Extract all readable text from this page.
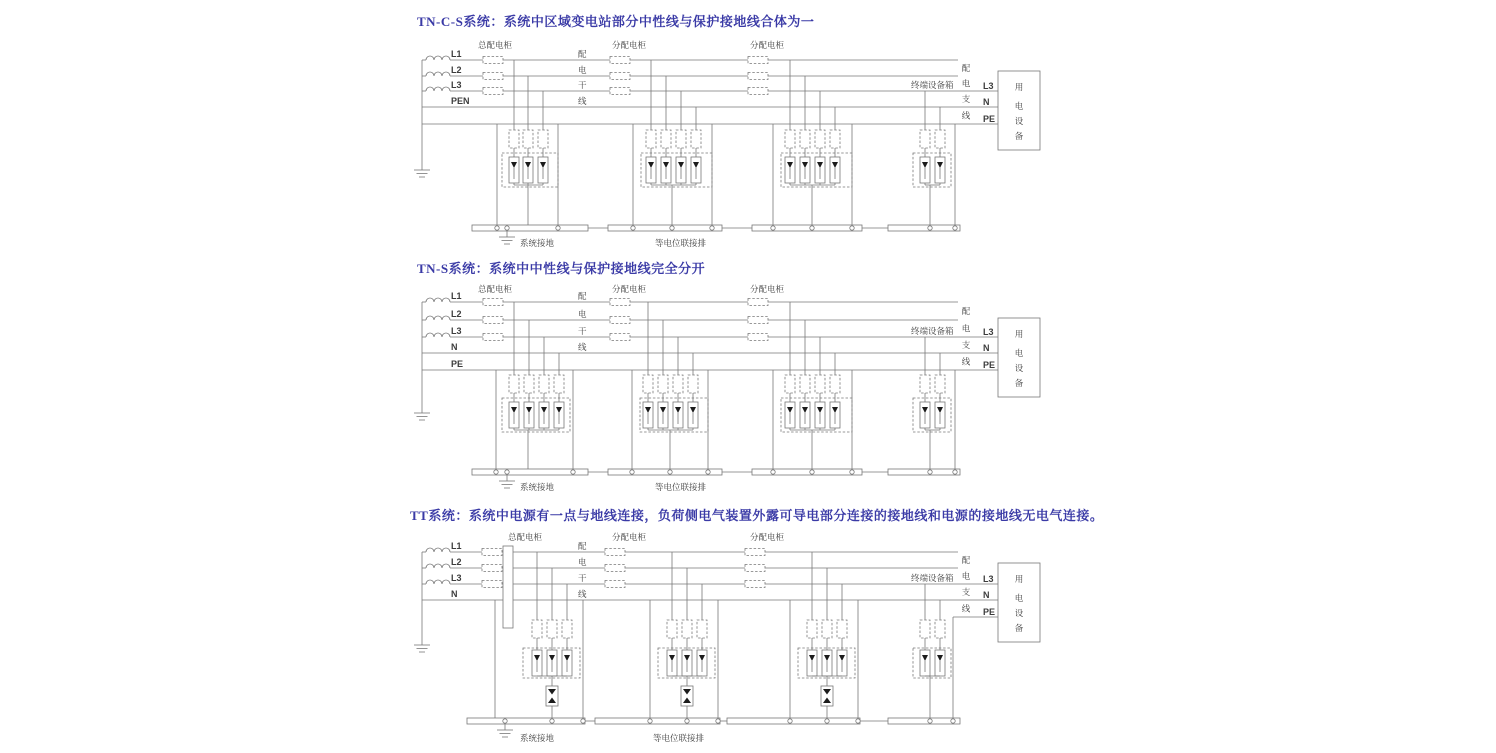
TN-C-S系统：系统中区域变电站部分中性线与保护接地线合体为一
TN-S系统：系统中中性线与保护接地线完全分开
TT系统：系统中电源有一点与地线连接，负荷侧电气装置外露可导电部分连接的接地线和电源的接地线无电气连接。
L1
L2
L3
PEN
总配电柜	分配电柜	分配电柜
配
电
干
线
系统接地	等电位联接排
终端设备箱
配
电
支
线
L3
N
PE
用
电
设
备
L1
L2
L3
N
PE
总配电柜	分配电柜	分配电柜
配
电
干
线
系统接地	等电位联接排
终端设备箱
配
电
支
线
L3
N
PE
用
电
设
备
L1
L2
L3
N
总配电柜	分配电柜	分配电柜
配
电
干
线
系统接地	等电位联接排
终端设备箱
配
电
支
线
L3
N
PE
用
电
设
备
